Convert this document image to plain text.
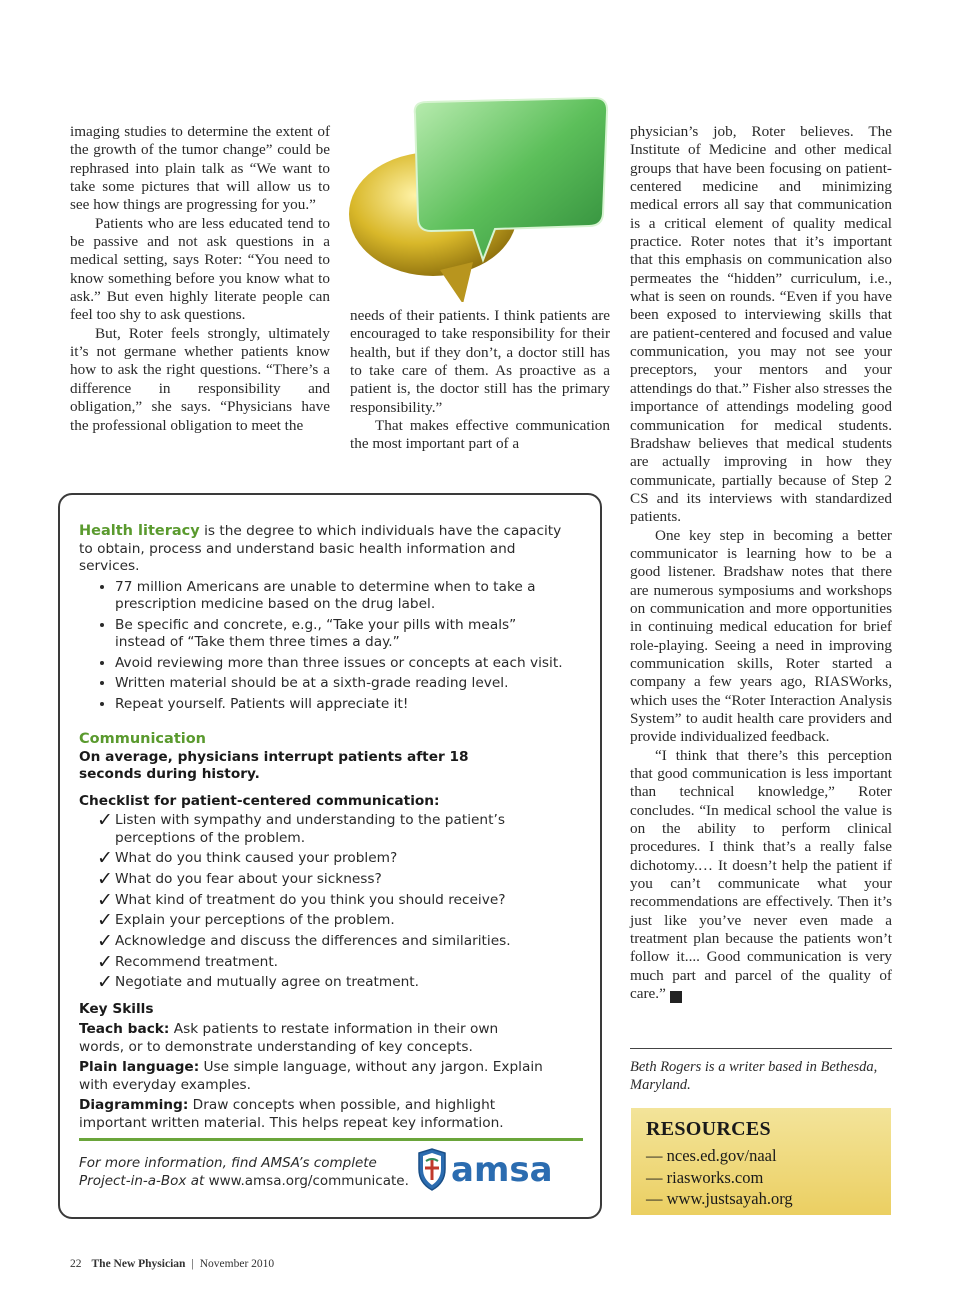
imaging studies to determine the extent of the growth of the tumor change” could be rephrased into plain talk as “We want to take some pictures that will allow us to see how things are progressing for you.”

Patients who are less educated tend to be passive and not ask questions in a medical setting, says Roter: “You need to know something before you know what to ask.” But even highly literate people can feel too shy to ask questions.

But, Roter feels strongly, ultimately it’s not germane whether patients know how to ask the right questions. “There’s a difference in responsibility and obligation,” she says. “Physicians have the professional obligation to meet the

needs of their patients. I think patients are encouraged to take responsibility for their health, but if they don’t, a doctor still has to take care of them. As proactive as a patient is, the doctor still has the primary responsibility.”

That makes effective communication the most important part of a

physician’s job, Roter believes. The Institute of Medicine and other medical groups that have been focusing on patient-centered medicine and minimizing medical errors all say that communication is a critical element of quality medical practice. Roter notes that it’s important that this emphasis on communication also permeates the “hidden” curriculum, i.e., what is seen on rounds. “Even if you have been exposed to interviewing skills that are patient-centered and focused and value communication, you may not see your preceptors, your mentors and your attendings do that.” Fisher also stresses the importance of attendings modeling good communication for medical students. Bradshaw believes that medical students are actually improving in how they communicate, partially because of Step 2 CS and its interviews with standardized patients.

One key step in becoming a better communicator is learning how to be a good listener. Bradshaw notes that there are numerous symposiums and workshops on communication and more opportunities in continuing medical education for brief role-playing. Seeing a need in improving communication skills, Roter started a company a few years ago, RIASWorks, which uses the “Roter Interaction Analysis System” to audit health care providers and provide individualized feedback.

“I think that there’s this perception that good communication is less important than technical knowledge,” Roter concludes. “In medical school the value is on the ability to perform clinical procedures. I think that’s a really false dichotomy.… It doesn’t help the patient if you can’t communicate what your recommendations are effectively. Then it’s just like you’ve never even made a treatment plan because the patients won’t follow it.... Good communication is very much part and parcel of the quality of care.”	TNP

Health literacy is the degree to which individuals have the capacity to obtain, process and understand basic health information and services.
• 77 million Americans are unable to determine when to take a prescription medicine based on the drug label.
• Be specific and concrete, e.g., “Take your pills with meals” instead of “Take them three times a day.”
• Avoid reviewing more than three issues or concepts at each visit.
• Written material should be at a sixth-grade reading level.
• Repeat yourself. Patients will appreciate it!
Communication
On average, physicians interrupt patients after 18 seconds during history.
Checklist for patient-centered communication:
✓ Listen with sympathy and understanding to the patient’s perceptions of the problem.
✓ What do you think caused your problem?
✓ What do you fear about your sickness?
✓ What kind of treatment do you think you should receive?
✓ Explain your perceptions of the problem.
✓ Acknowledge and discuss the differences and similarities.
✓ Recommend treatment.
✓ Negotiate and mutually agree on treatment.
Key Skills
Teach back: Ask patients to restate information in their own words, or to demonstrate understanding of key concepts.
Plain language: Use simple language, without any jargon. Explain with everyday examples.
Diagramming: Draw concepts when possible, and highlight important written material. This helps repeat key information.
For more information, find AMSA’s complete Project-in-a-Box at www.amsa.org/communicate. amsa
Beth Rogers is a writer based in Bethesda, Maryland.
RESOURCES
— nces.ed.gov/naal
— riasworks.com
— www.justsayah.org
22 The New Physician | November 2010
